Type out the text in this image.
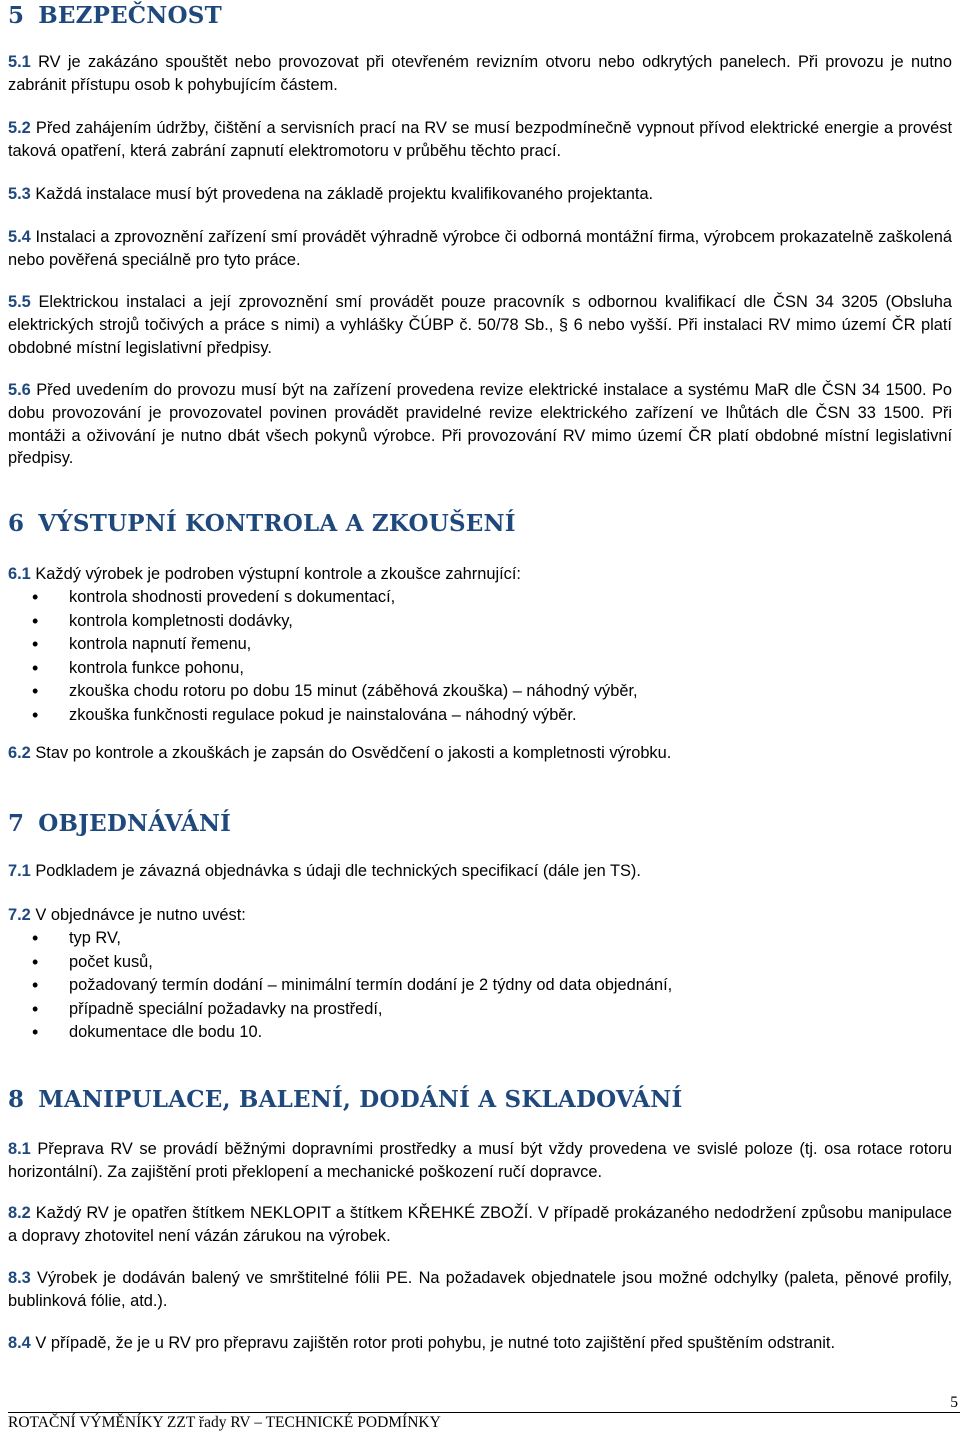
5 BEZPEČNOST

5.1 RV je zakázáno spouštět nebo provozovat při otevřeném revizním otvoru nebo odkrytých panelech. Při provozu je nutno zabránit přístupu osob k pohybujícím částem.

5.2 Před zahájením údržby, čištění a servisních prací na RV se musí bezpodmínečně vypnout přívod elektrické energie a provést taková opatření, která zabrání zapnutí elektromotoru v průběhu těchto prací.

5.3 Každá instalace musí být provedena na základě projektu kvalifikovaného projektanta.

5.4 Instalaci a zprovoznění zařízení smí provádět výhradně výrobce či odborná montážní firma, výrobcem prokazatelně zaškolená nebo pověřená speciálně pro tyto práce.

5.5 Elektrickou instalaci a její zprovoznění smí provádět pouze pracovník s odbornou kvalifikací dle ČSN 34 3205 (Obsluha elektrických strojů točivých a práce s nimi) a vyhlášky ČÚBP č. 50/78 Sb., § 6 nebo vyšší. Při instalaci RV mimo území ČR platí obdobné místní legislativní předpisy.

5.6 Před uvedením do provozu musí být na zařízení provedena revize elektrické instalace a systému MaR dle ČSN 34 1500. Po dobu provozování je provozovatel povinen provádět pravidelné revize elektrického zařízení ve lhůtách dle ČSN 33 1500. Při montáži a oživování je nutno dbát všech pokynů výrobce. Při provozování RV mimo území ČR platí obdobné místní legislativní předpisy.

6 VÝSTUPNÍ KONTROLA A ZKOUŠENÍ

6.1 Každý výrobek je podroben výstupní kontrole a zkoušce zahrnující:

• kontrola shodnosti provedení s dokumentací,
• kontrola kompletnosti dodávky,
• kontrola napnutí řemenu,
• kontrola funkce pohonu,
• zkouška chodu rotoru po dobu 15 minut (záběhová zkouška) – náhodný výběr,
• zkouška funkčnosti regulace pokud je nainstalována – náhodný výběr.

6.2 Stav po kontrole a zkouškách je zapsán do Osvědčení o jakosti a kompletnosti výrobku.

7 OBJEDNÁVÁNÍ

7.1 Podkladem je závazná objednávka s údaji dle technických specifikací (dále jen TS).

7.2 V objednávce je nutno uvést:

• typ RV,
• počet kusů,
• požadovaný termín dodání – minimální termín dodání je 2 týdny od data objednání,
• případně speciální požadavky na prostředí,
• dokumentace dle bodu 10.
8 MANIPULACE, BALENÍ, DODÁNÍ A SKLADOVÁNÍ

8.1 Přeprava RV se provádí běžnými dopravními prostředky a musí být vždy provedena ve svislé poloze (tj. osa rotace rotoru horizontální). Za zajištění proti překlopení a mechanické poškození ručí dopravce.

8.2 Každý RV je opatřen štítkem NEKLOPIT a štítkem KŘEHKÉ ZBOŽÍ. V případě prokázaného nedodržení způsobu manipulace a dopravy zhotovitel není vázán zárukou na výrobek.

8.3 Výrobek je dodáván balený ve smrštitelné fólii PE. Na požadavek objednatele jsou možné odchylky (paleta, pěnové profily, bublinková fólie, atd.).

8.4 V případě, že je u RV pro přepravu zajištěn rotor proti pohybu, je nutné toto zajištění před spuštěním odstranit.

5
ROTAČNÍ VÝMĚNÍKY ZZT řady RV – TECHNICKÉ PODMÍNKY
